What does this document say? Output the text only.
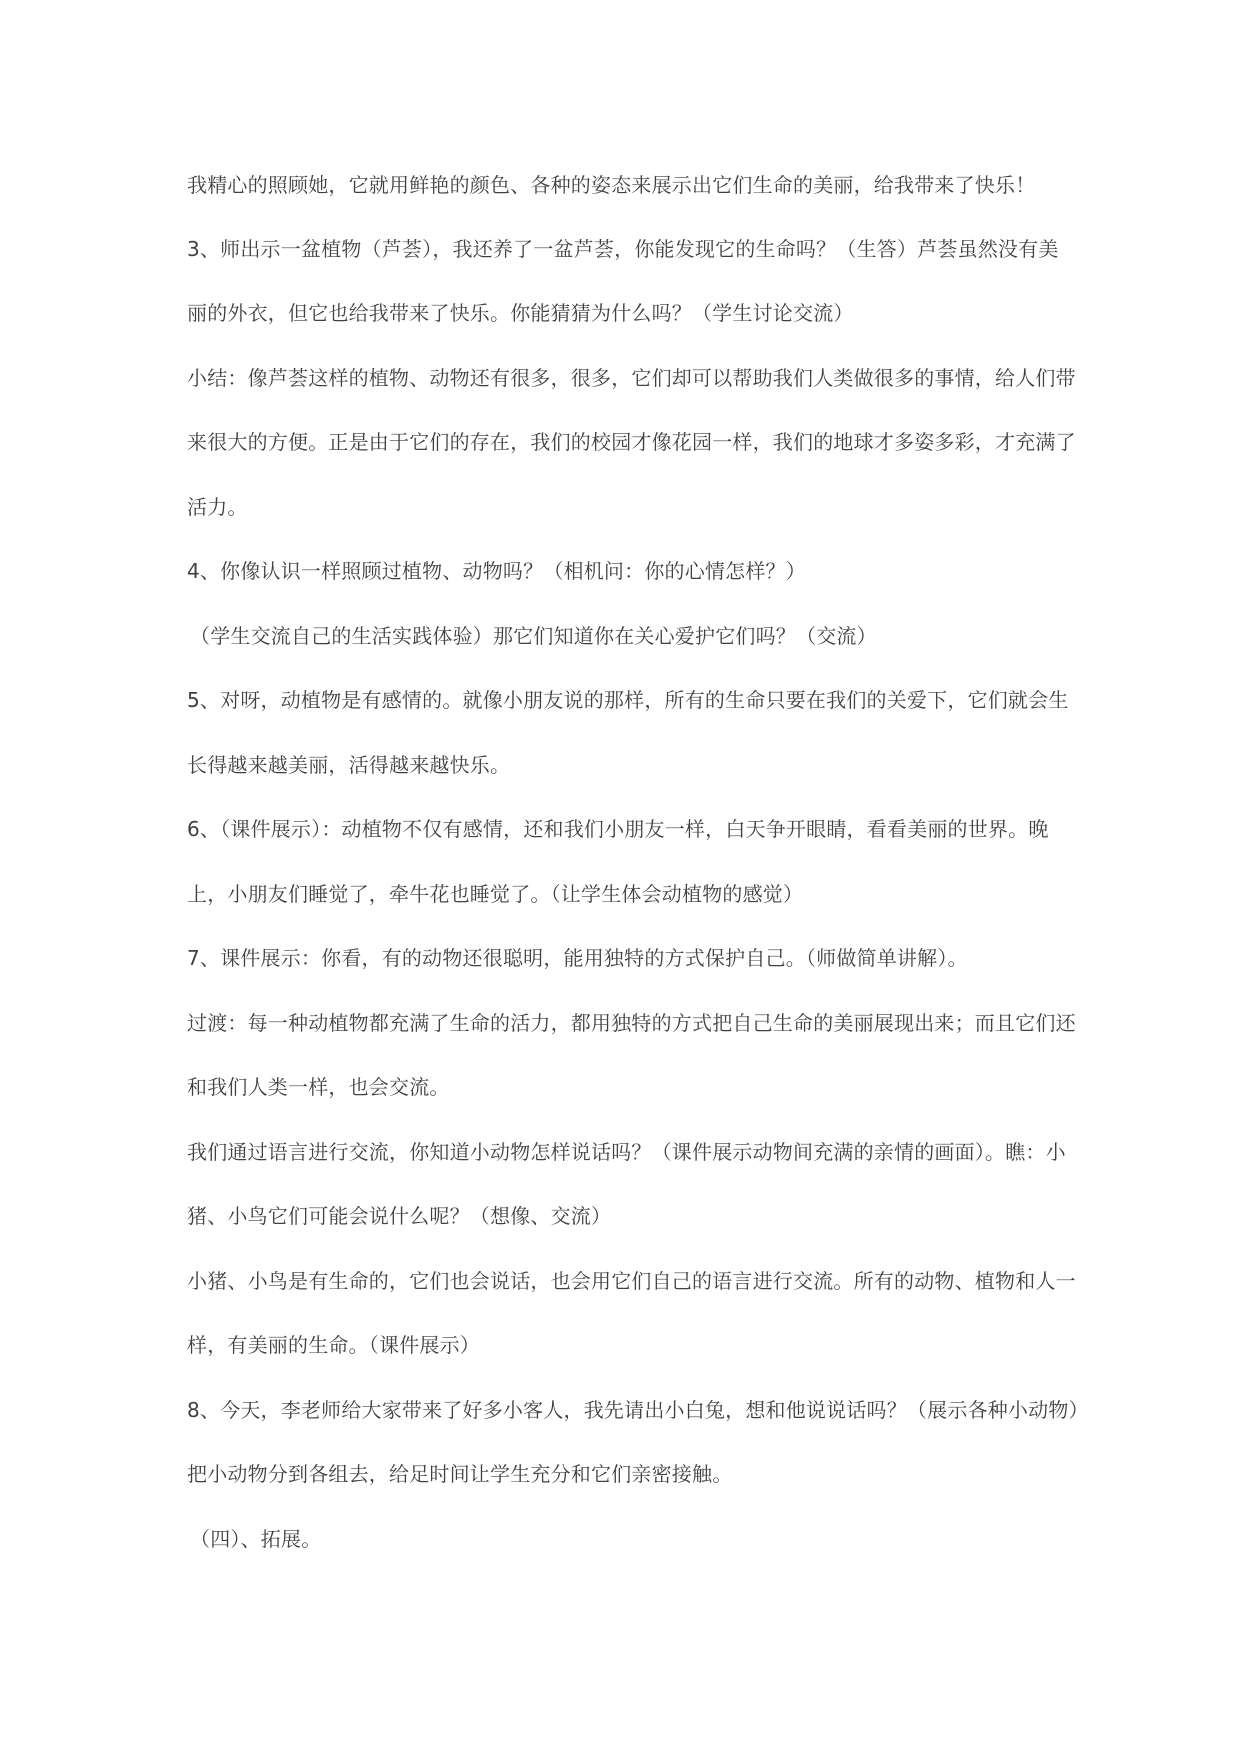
我精心的照顾她，它就用鲜艳的颜色、各种的姿态来展示出它们生命的美丽，给我带来了快乐！
3、师出示一盆植物（芦荟），我还养了一盆芦荟，你能发现它的生命吗？（生答）芦荟虽然没有美
丽的外衣，但它也给我带来了快乐。你能猜猜为什么吗？（学生讨论交流）
小结：像芦荟这样的植物、动物还有很多，很多，它们却可以帮助我们人类做很多的事情，给人们带
来很大的方便。正是由于它们的存在，我们的校园才像花园一样，我们的地球才多姿多彩，才充满了
活力。
4、你像认识一样照顾过植物、动物吗？（相机问：你的心情怎样？）
（学生交流自己的生活实践体验）那它们知道你在关心爱护它们吗？（交流）
5、对呀，动植物是有感情的。就像小朋友说的那样，所有的生命只要在我们的关爱下，它们就会生
长得越来越美丽，活得越来越快乐。
6、（课件展示）：动植物不仅有感情，还和我们小朋友一样，白天争开眼睛，看看美丽的世界。晚
上，小朋友们睡觉了，牵牛花也睡觉了。（让学生体会动植物的感觉）
7、课件展示：你看，有的动物还很聪明，能用独特的方式保护自己。（师做简单讲解）。
过渡：每一种动植物都充满了生命的活力，都用独特的方式把自己生命的美丽展现出来；而且它们还
和我们人类一样，也会交流。
我们通过语言进行交流，你知道小动物怎样说话吗？（课件展示动物间充满的亲情的画面）。瞧：小
猪、小鸟它们可能会说什么呢？（想像、交流）
小猪、小鸟是有生命的，它们也会说话，也会用它们自己的语言进行交流。所有的动物、植物和人一
样，有美丽的生命。（课件展示）
8、今天，李老师给大家带来了好多小客人，我先请出小白兔，想和他说说话吗？（展示各种小动物）
把小动物分到各组去，给足时间让学生充分和它们亲密接触。
（四）、拓展。
